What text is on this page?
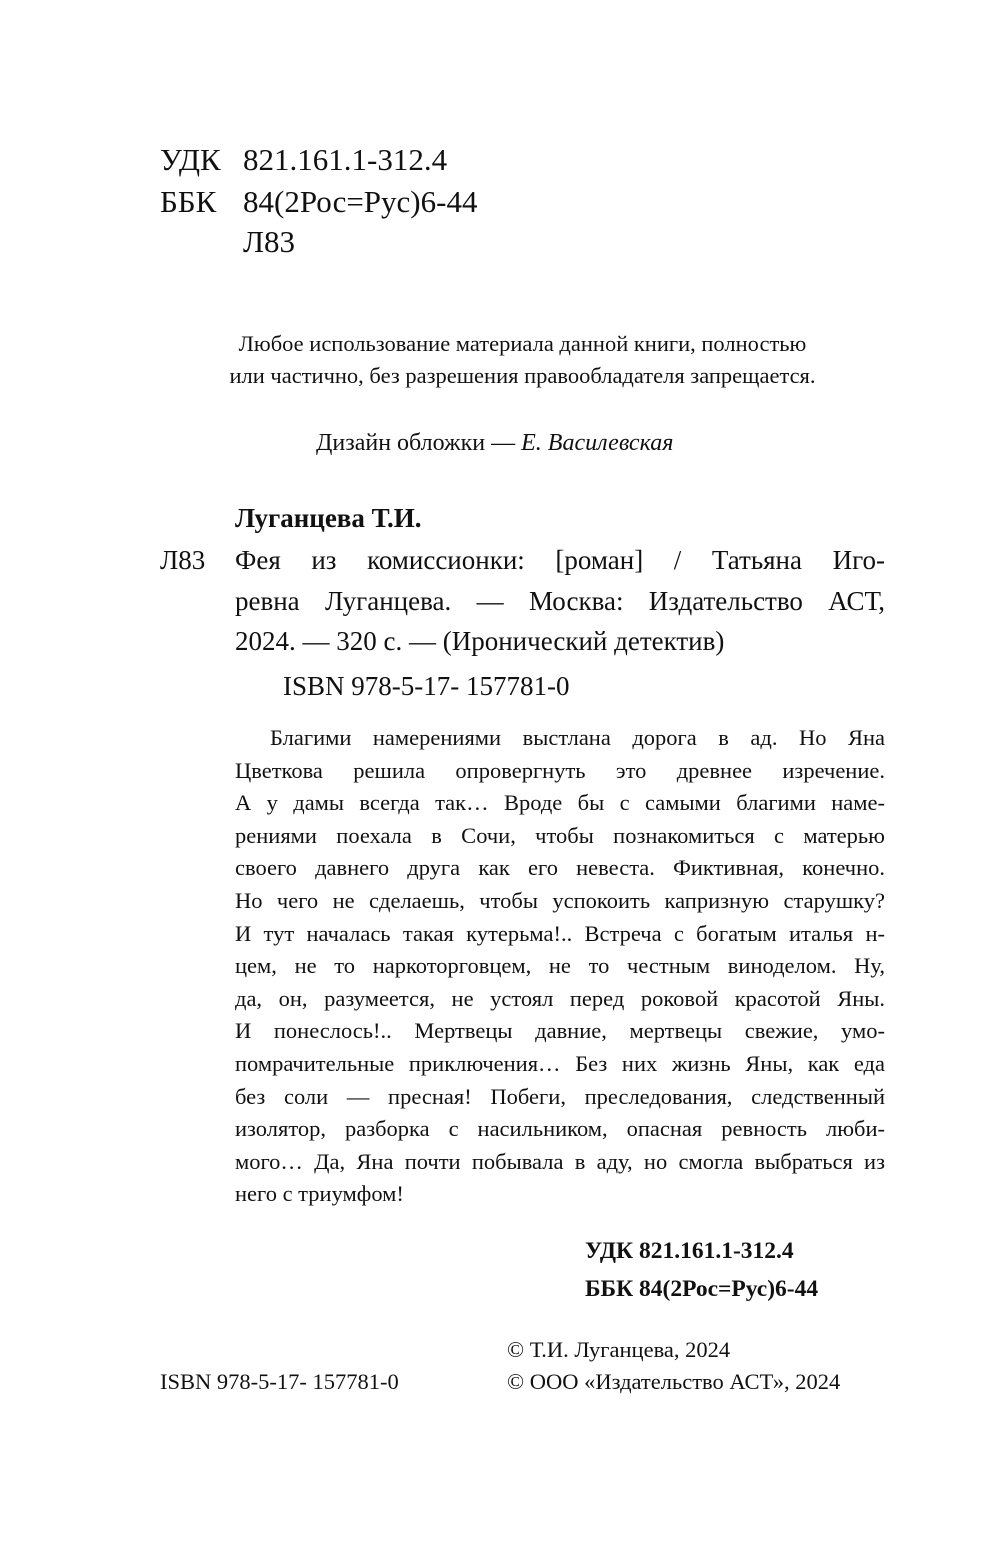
УДК 821.161.1-312.4
ББК 84(2Рос=Рус)6-44
Л83
Любое использование материала данной книги, полностью
или частично, без разрешения правообладателя запрещается.
Дизайн обложки — Е. Василевская
Луганцева Т.И.
Л83 Фея из комиссионки: [роман] / Татьяна Иго-
ревна Луганцева. — Москва: Издательство АСТ,
2024. — 320 с. — (Иронический детектив)
ISBN 978-5-17- 157781-0
Благими намерениями выстлана дорога в ад. Но Яна
Цветкова решила опровергнуть это древнее изречение.
А у дамы всегда так… Вроде бы с самыми благими наме-
рениями поехала в Сочи, чтобы познакомиться с матерью
своего давнего друга как его невеста. Фиктивная, конечно.
Но чего не сделаешь, чтобы успокоить капризную старушку?
И тут началась такая кутерьма!.. Встреча с богатым италья н-
цем, не то наркоторговцем, не то честным виноделом. Ну,
да, он, разумеется, не устоял перед роковой красотой Яны.
И понеслось!.. Мертвецы давние, мертвецы свежие, умо-
помрачительные приключения… Без них жизнь Яны, как еда
без соли — пресная! Побеги, преследования, следственный
изолятор, разборка с насильником, опасная ревность люби-
мого… Да, Яна почти побывала в аду, но смогла выбраться из
него с триумфом!
УДК 821.161.1-312.4
ББК 84(2Рос=Рус)6-44
© Т.И. Луганцева, 2024
ISBN 978-5-17- 157781-0	© ООО «Издательство АСТ», 2024
